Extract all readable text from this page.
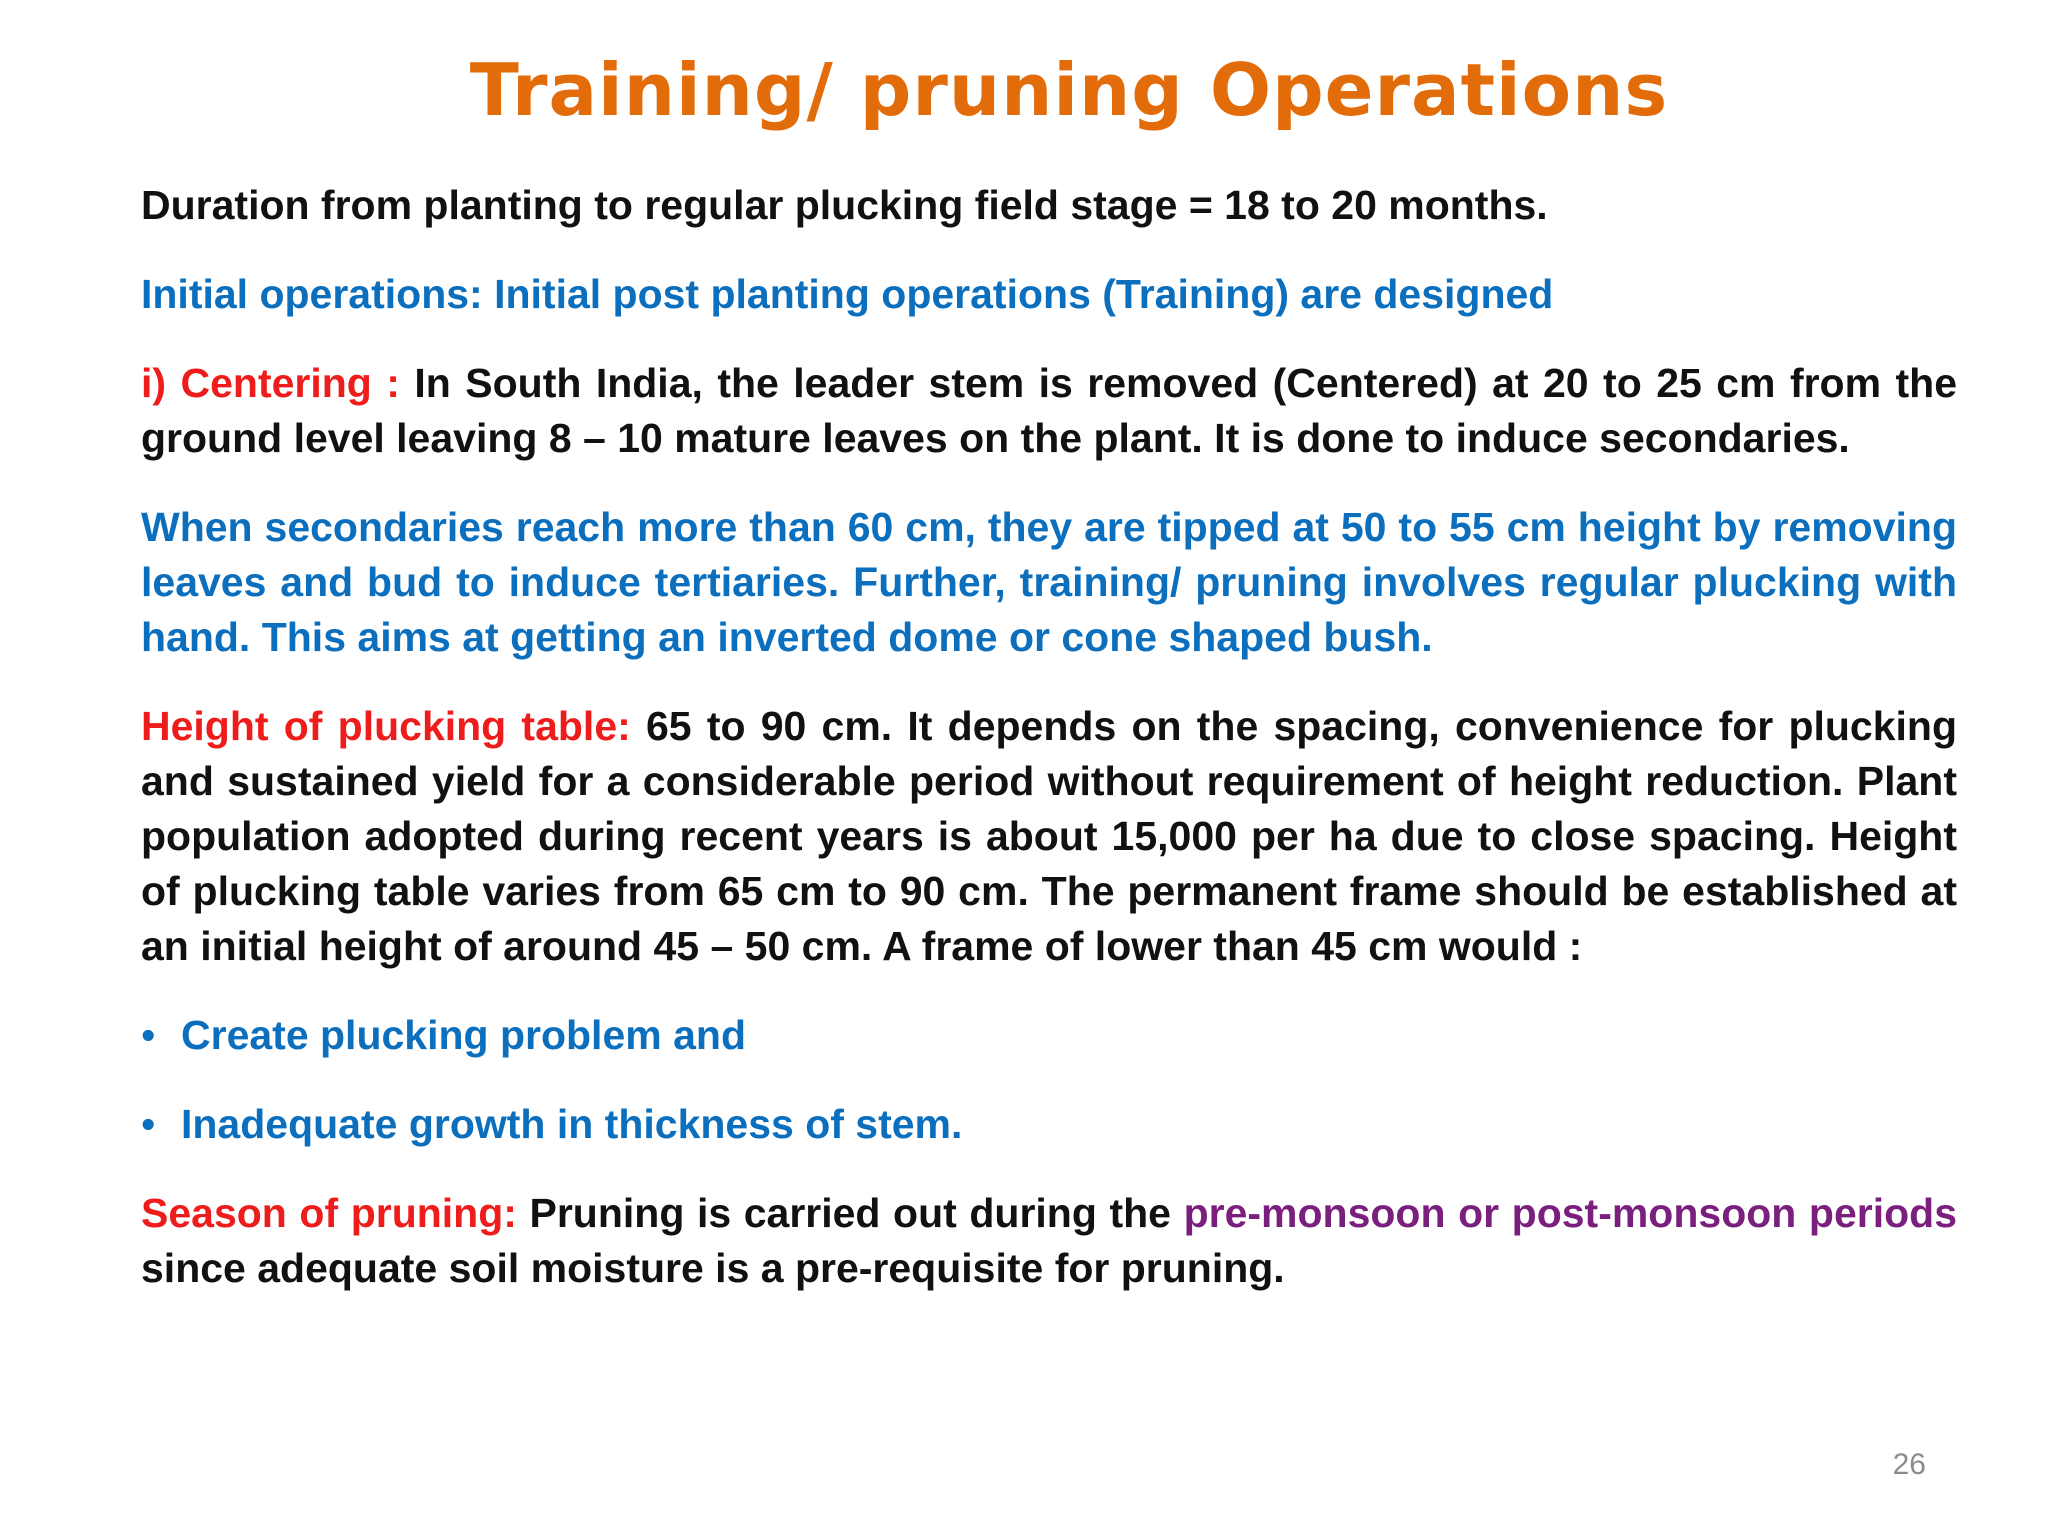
Training/ pruning Operations

Duration from planting to regular plucking field stage = 18 to 20 months.

Initial operations: Initial post planting operations (Training) are designed

i) Centering : In South India, the leader stem is removed (Centered) at 20 to 25 cm from the ground level leaving 8 – 10 mature leaves on the plant. It is done to induce secondaries.

When secondaries reach more than 60 cm, they are tipped at 50 to 55 cm height by removing leaves and bud to induce tertiaries. Further, training/ pruning involves regular plucking with hand. This aims at getting an inverted dome or cone shaped bush.

Height of plucking table: 65 to 90 cm. It depends on the spacing, convenience for plucking and sustained yield for a considerable period without requirement of height reduction. Plant population adopted during recent years is about 15,000 per ha due to close spacing. Height of plucking table varies from 65 cm to 90 cm. The permanent frame should be established at an initial height of around 45 – 50 cm. A frame of lower than 45 cm would :

• Create plucking problem and
• Inadequate growth in thickness of stem.

Season of pruning: Pruning is carried out during the pre-monsoon or post-monsoon periods since adequate soil moisture is a pre-requisite for pruning.

26
